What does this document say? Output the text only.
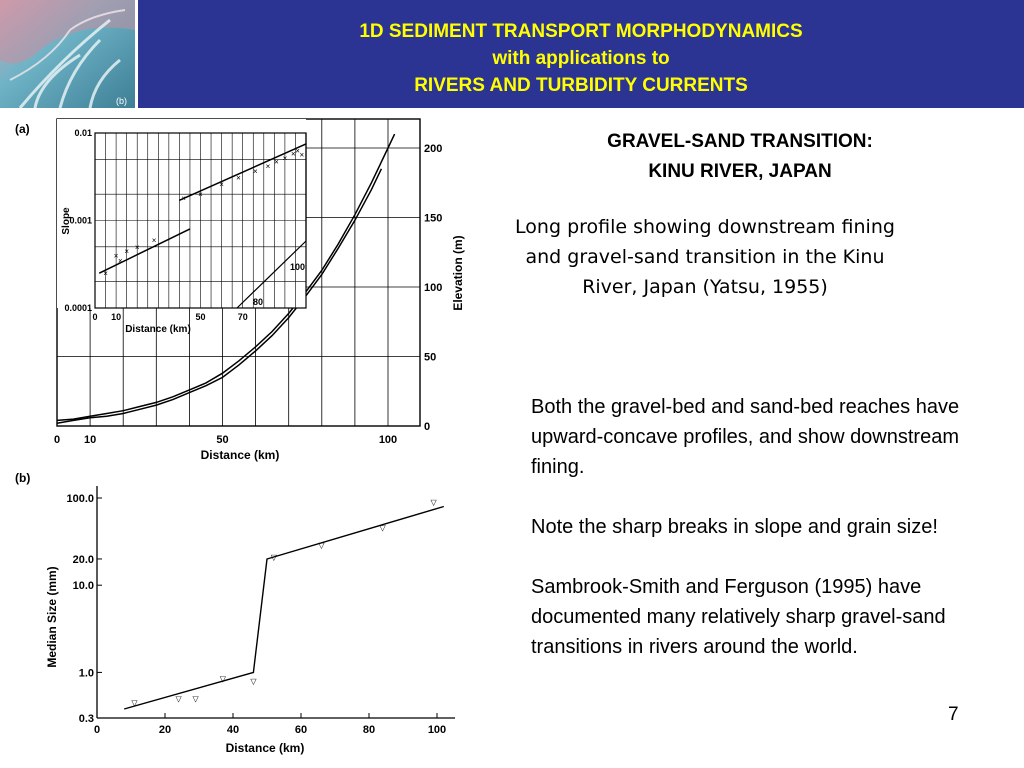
(b)
1D SEDIMENT TRANSPORT MORPHODYNAMICS
with applications to
RIVERS AND TURBIDITY CURRENTS
(a)
0 10	50	100
0
50
100
150
200
Distance (km)
Elevation (m)
×
×
×
× ×
×
× ×
×
×
×
× × × × × ×
0 10	50	70
0.0001
0.001
0.01
80
100
Distance (km)
Slope
(b)
0.3
1.0
10.0
20.0
100.0
0	20	40	60	80	100
▽	▽ ▽
▽	▽
▽
▽
▽
▽
Distance (km)
Median Size (mm)
GRAVEL-SAND TRANSITION:
KINU RIVER, JAPAN
Long profile showing downstream fining and gravel-sand transition in the Kinu River, Japan (Yatsu, 1955)

Both the gravel-bed and sand-bed reaches have upward-concave profiles, and show downstream fining.

Note the sharp breaks in slope and grain size!

Sambrook-Smith and Ferguson (1995) have documented many relatively sharp gravel-sand transitions in rivers around the world.

7
